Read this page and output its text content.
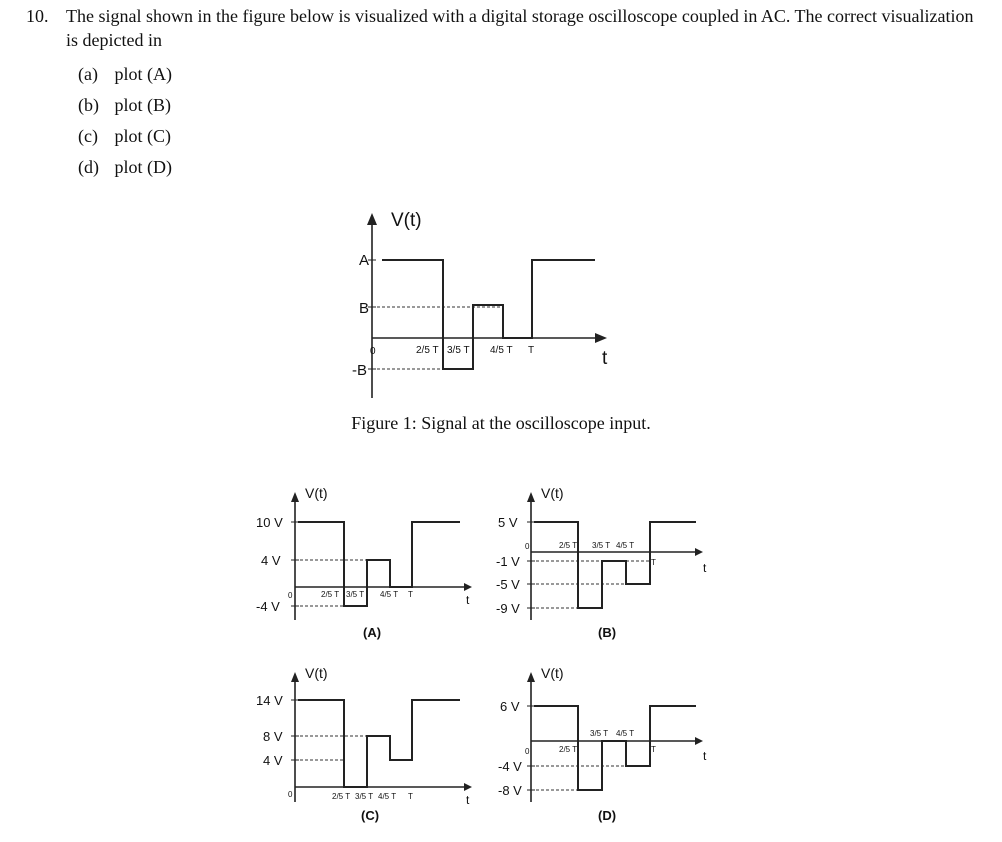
10. The signal shown in the figure below is visualized with a digital storage oscilloscope coupled in AC. The correct visualization is depicted in
(a) plot (A)
(b) plot (B)
(c) plot (C)
(d) plot (D)
V(t)
A
B
0
-B
2/5 T 3/5 T 4/5 T T	t
V(t)
10 V
4 V
0
-4 V
2/5 T 3/5 T 4/5 T T	t
(A)
V(t)
5 V
0
-1 V
-5 V
-9 V
2/5 T 3/5 T 4/5 T
T	t
(B)
V(t)
14 V
8 V
4 V
0	2/5 T 3/5 T 4/5 T T	t
(C)
V(t)
6 V
0
-4 V
-8 V
2/5 T
3/5 T 4/5 T
T	t
(D)
Figure 1: Signal at the oscilloscope input.
